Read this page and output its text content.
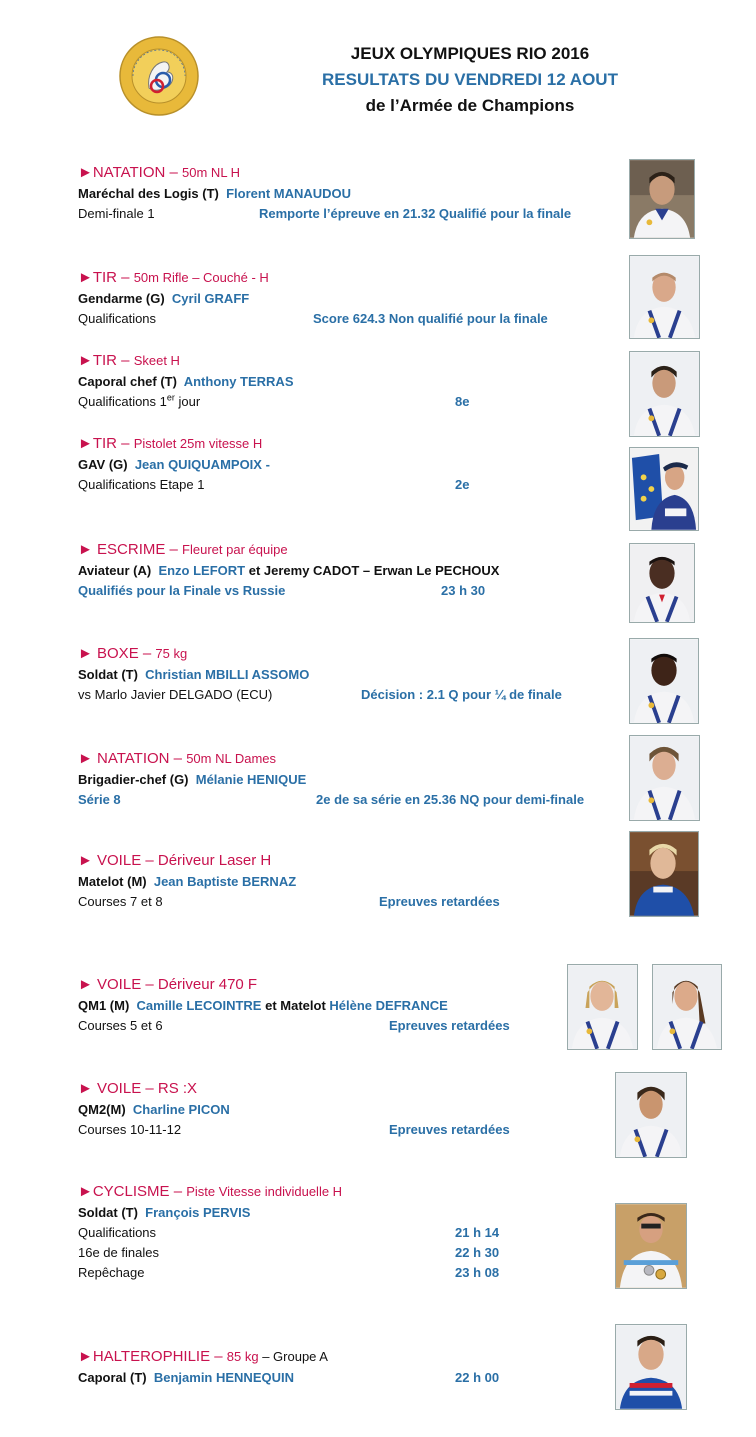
JEUX OLYMPIQUES RIO 2016
RESULTATS DU VENDREDI 12 AOUT
de l’Armée de Champions
►NATATION – 50m NL H
Maréchal des Logis (T) Florent MANAUDOU
Demi-finale 1	Remporte l’épreuve en 21.32 Qualifié pour la finale
►TIR – 50m Rifle – Couché - H
Gendarme (G) Cyril GRAFF
Qualifications	Score 624.3 Non qualifié pour la finale
►TIR – Skeet H
Caporal chef (T) Anthony TERRAS
Qualifications 1er jour	8e
►TIR – Pistolet 25m vitesse H
GAV (G) Jean QUIQUAMPOIX -
Qualifications Etape 1	2e
► ESCRIME – Fleuret par équipe
Aviateur (A) Enzo LEFORT et Jeremy CADOT – Erwan Le PECHOUX
Qualifiés pour la Finale vs Russie	23 h 30
► BOXE – 75 kg
Soldat (T) Christian MBILLI ASSOMO
vs Marlo Javier DELGADO (ECU)	Décision : 2.1 Q pour ¼ de finale
► NATATION – 50m NL Dames
Brigadier-chef (G) Mélanie HENIQUE
Série 8	2e de sa série en 25.36 NQ pour demi-finale
► VOILE – Dériveur Laser H
Matelot (M) Jean Baptiste BERNAZ
Courses 7 et 8	Epreuves retardées
► VOILE – Dériveur 470 F
QM1 (M) Camille LECOINTRE et Matelot Hélène DEFRANCE
Courses 5 et 6	Epreuves retardées
► VOILE – RS :X
QM2(M) Charline PICON
Courses 10-11-12	Epreuves retardées
►CYCLISME – Piste Vitesse individuelle H
Soldat (T) François PERVIS
Qualifications	21 h 14
16e de finales	22 h 30
Repêchage	23 h 08
►HALTEROPHILIE – 85 kg – Groupe A
Caporal (T) Benjamin HENNEQUIN	22 h 00
